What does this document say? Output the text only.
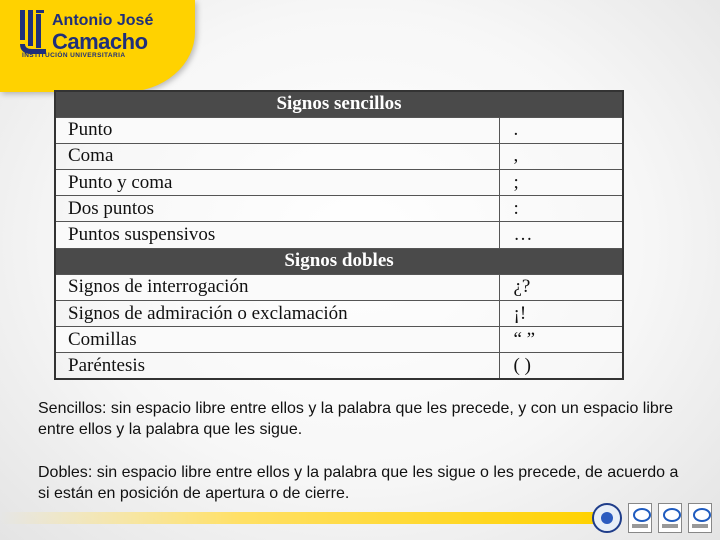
Antonio José
Camacho
INSTITUCIÓN UNIVERSITARIA
Signos sencillos	
Punto	.
Coma	,
Punto y coma	;
Dos puntos	:
Puntos suspensivos	…
Signos dobles	
Signos de interrogación	¿?
Signos de admiración o exclamación	¡!
Comillas	“ ”
Paréntesis	( )

Sencillos: sin espacio libre entre ellos y la palabra que les precede, y con un espacio libre entre ellos y la palabra que les sigue.

Dobles: sin espacio libre entre ellos y la palabra que les sigue o les precede, de acuerdo a si están en posición de apertura o de cierre.
